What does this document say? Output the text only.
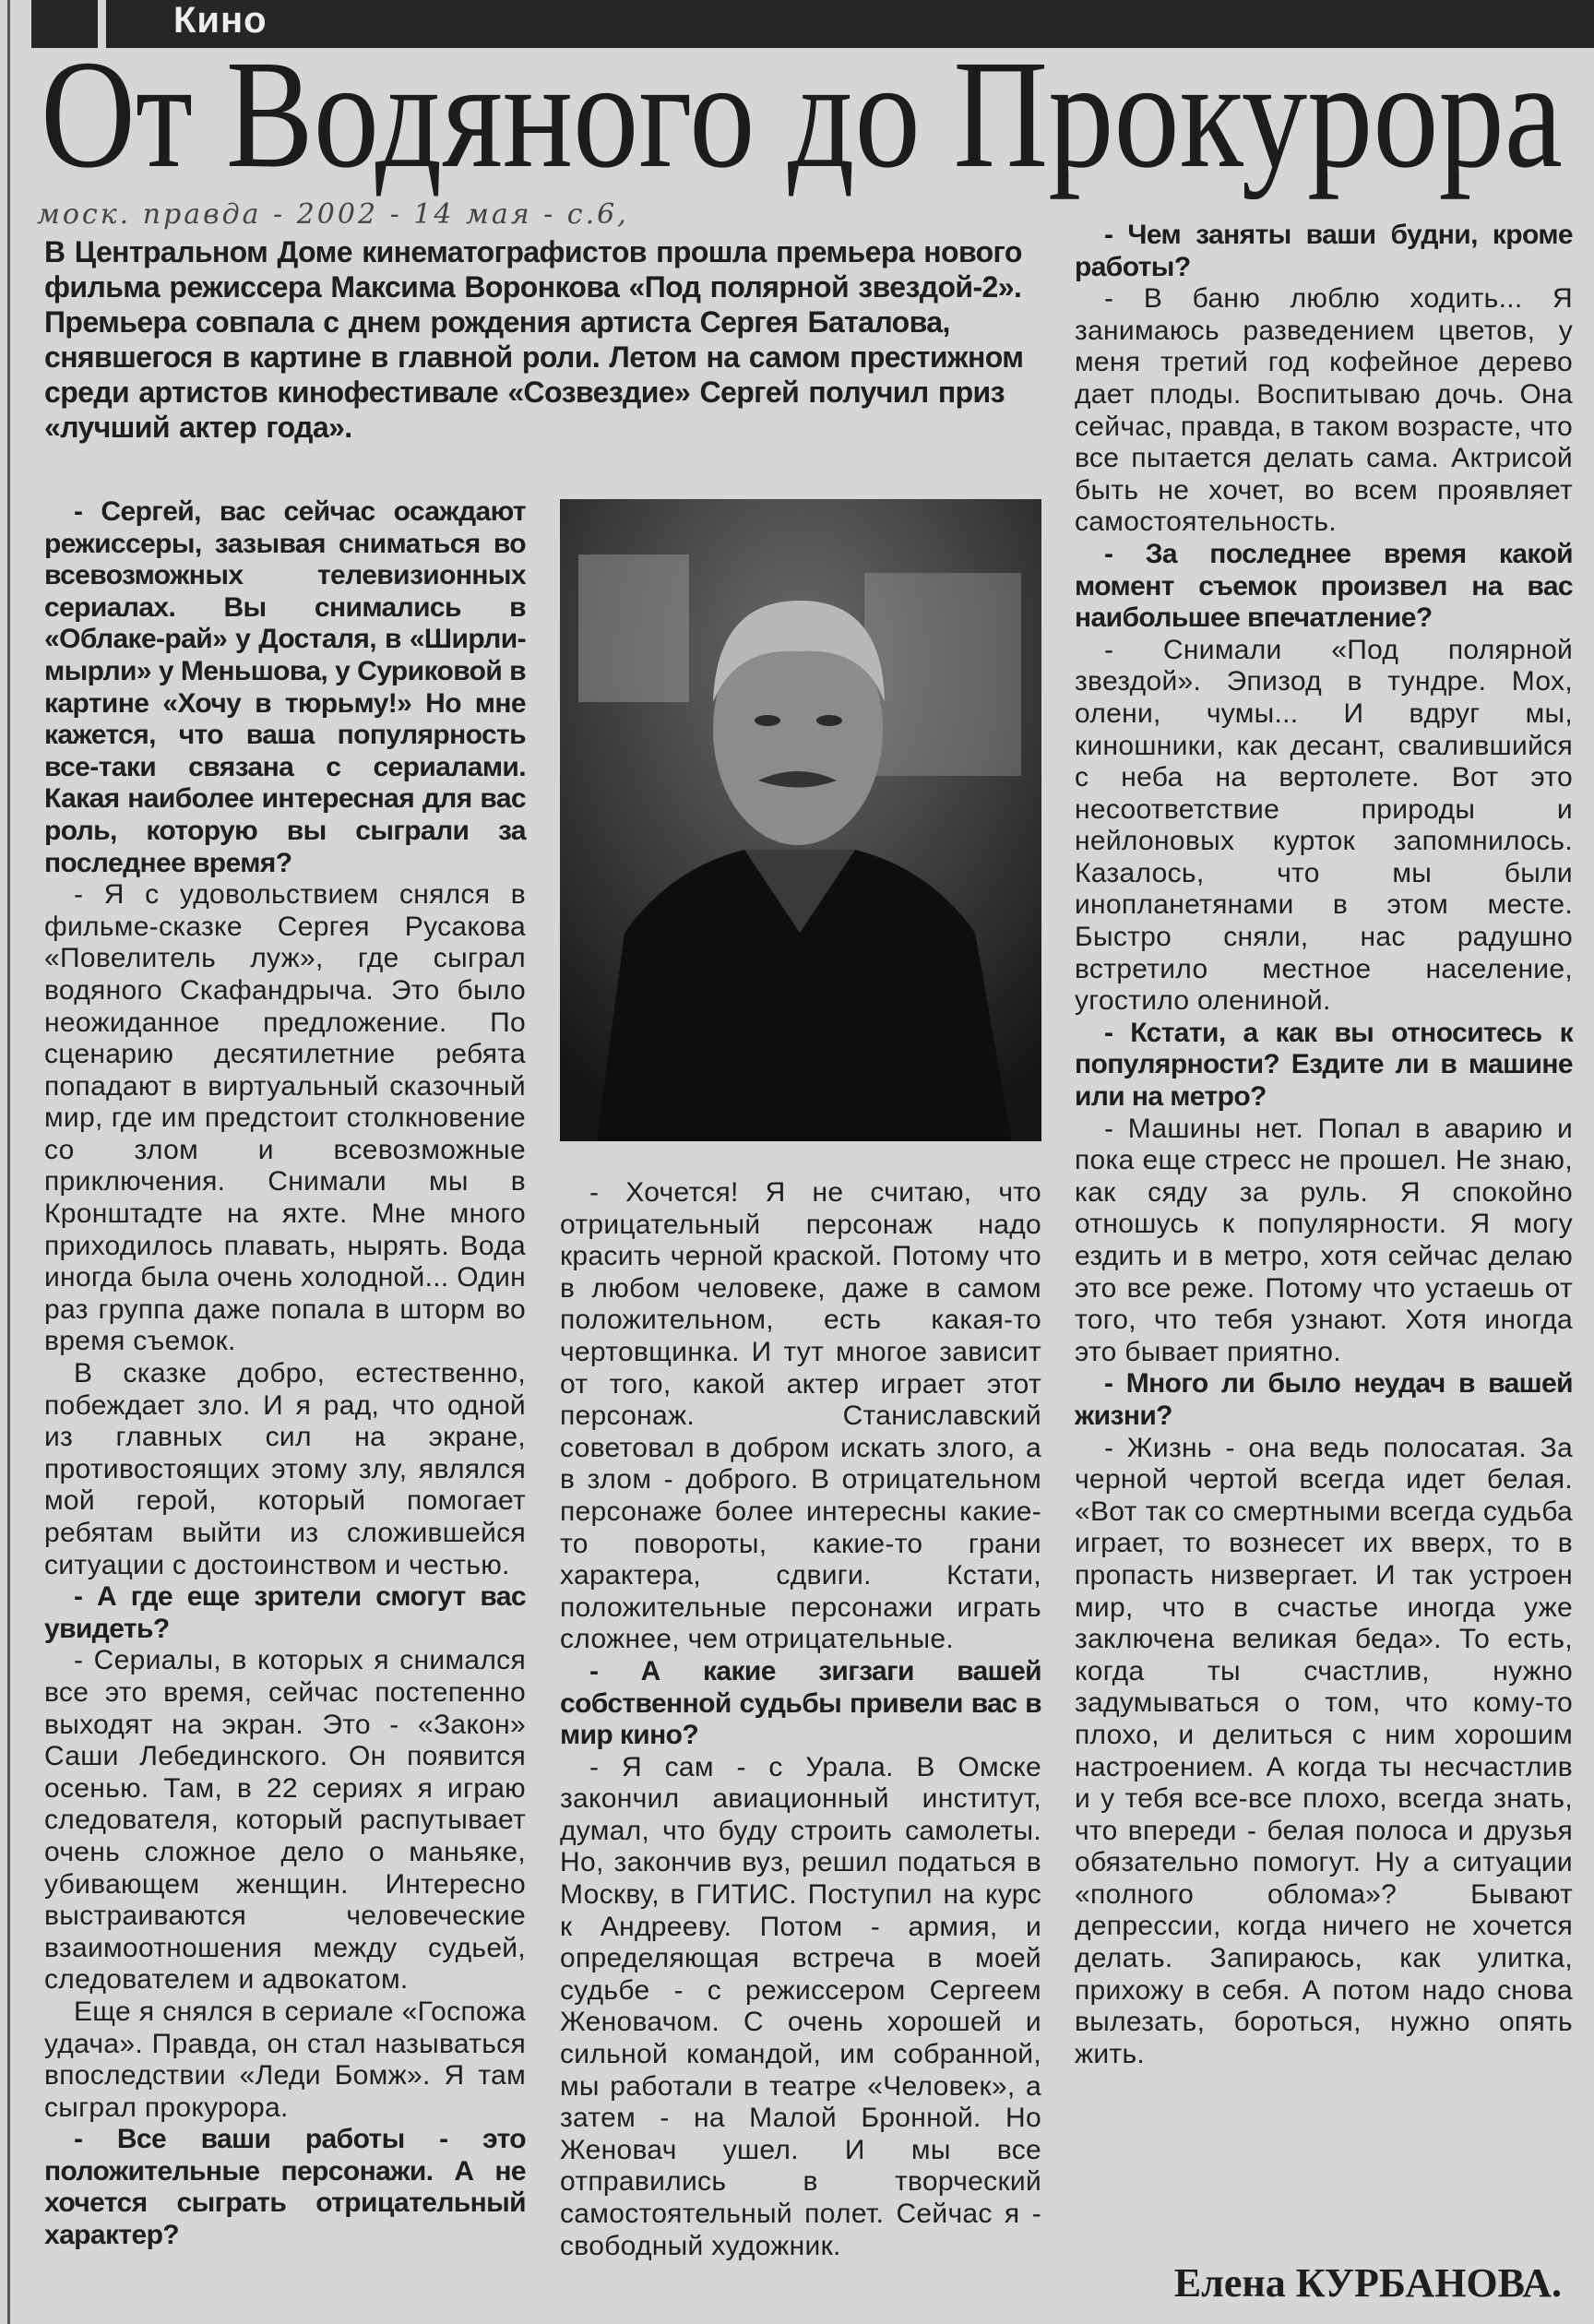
Кино
От Водяного до Прокурора
моск. правда - 2002 - 14 мая - с.6,
В Центральном Доме кинематографистов прошла премьера нового фильма режиссера Максима Воронкова «Под полярной звездой-2». Премьера совпала с днем рождения артиста Сергея Баталова, снявшегося в картине в главной роли. Летом на самом престижном среди артистов кинофестивале «Созвездие» Сергей получил приз «лучший актер года».

- Сергей, вас сейчас осаждают режиссеры, зазывая сниматься во всевозможных телевизионных сериалах. Вы снимались в «Облаке-рай» у Досталя, в «Ширли-мырли» у Меньшова, у Суриковой в картине «Хочу в тюрьму!» Но мне кажется, что ваша популярность все-таки связана с сериалами. Какая наиболее интересная для вас роль, которую вы сыграли за последнее время?

- Я с удовольствием снялся в фильме-сказке Сергея Русакова «Повелитель луж», где сыграл водяного Скафандрыча. Это было неожиданное предложение. По сценарию десятилетние ребята попадают в виртуальный сказочный мир, где им предстоит столкновение со злом и всевозможные приключения. Снимали мы в Кронштадте на яхте. Мне много приходилось плавать, нырять. Вода иногда была очень холодной... Один раз группа даже попала в шторм во время съемок.

В сказке добро, естественно, побеждает зло. И я рад, что одной из главных сил на экране, противостоящих этому злу, являлся мой герой, который помогает ребятам выйти из сложившейся ситуации с достоинством и честью.

- А где еще зрители смогут вас увидеть?

- Сериалы, в которых я снимался все это время, сейчас постепенно выходят на экран. Это - «Закон» Саши Лебединского. Он появится осенью. Там, в 22 сериях я играю следователя, который распутывает очень сложное дело о маньяке, убивающем женщин. Интересно выстраиваются человеческие взаимоотношения между судьей, следователем и адвокатом.

Еще я снялся в сериале «Госпожа удача». Правда, он стал называться впоследствии «Леди Бомж». Я там сыграл прокурора.

- Все ваши работы - это положительные персонажи. А не хочется сыграть отрицательный характер?

- Хочется! Я не считаю, что отрицательный персонаж надо красить черной краской. Потому что в любом человеке, даже в самом положительном, есть какая-то чертовщинка. И тут многое зависит от того, какой актер играет этот персонаж. Станиславский советовал в добром искать злого, а в злом - доброго. В отрицательном персонаже более интересны какие-то повороты, какие-то грани характера, сдвиги. Кстати, положительные персонажи играть сложнее, чем отрицательные.

- А какие зигзаги вашей собственной судьбы привели вас в мир кино?

- Я сам - с Урала. В Омске закончил авиационный институт, думал, что буду строить самолеты. Но, закончив вуз, решил податься в Москву, в ГИТИС. Поступил на курс к Андрееву. Потом - армия, и определяющая встреча в моей судьбе - с режиссером Сергеем Женовачом. С очень хорошей и сильной командой, им собранной, мы работали в театре «Человек», а затем - на Малой Бронной. Но Женовач ушел. И мы все отправились в творческий самостоятельный полет. Сейчас я - свободный художник.

- Чем заняты ваши будни, кроме работы?

- В баню люблю ходить... Я занимаюсь разведением цветов, у меня третий год кофейное дерево дает плоды. Воспитываю дочь. Она сейчас, правда, в таком возрасте, что все пытается делать сама. Актрисой быть не хочет, во всем проявляет самостоятельность.

- За последнее время какой момент съемок произвел на вас наибольшее впечатление?

- Снимали «Под полярной звездой». Эпизод в тундре. Мох, олени, чумы... И вдруг мы, киношники, как десант, свалившийся с неба на вертолете. Вот это несоответствие природы и нейлоновых курток запомнилось. Казалось, что мы были инопланетянами в этом месте. Быстро сняли, нас радушно встретило местное население, угостило олениной.

- Кстати, а как вы относитесь к популярности? Ездите ли в машине или на метро?

- Машины нет. Попал в аварию и пока еще стресс не прошел. Не знаю, как сяду за руль. Я спокойно отношусь к популярности. Я могу ездить и в метро, хотя сейчас делаю это все реже. Потому что устаешь от того, что тебя узнают. Хотя иногда это бывает приятно.

- Много ли было неудач в вашей жизни?

- Жизнь - она ведь полосатая. За черной чертой всегда идет белая. «Вот так со смертными всегда судьба играет, то вознесет их вверх, то в пропасть низвергает. И так устроен мир, что в счастье иногда уже заключена великая беда». То есть, когда ты счастлив, нужно задумываться о том, что кому-то плохо, и делиться с ним хорошим настроением. А когда ты несчастлив и у тебя все-все плохо, всегда знать, что впереди - белая полоса и друзья обязательно помогут. Ну а ситуации «полного облома»? Бывают депрессии, когда ничего не хочется делать. Запираюсь, как улитка, прихожу в себя. А потом надо снова вылезать, бороться, нужно опять жить.

Елена КУРБАНОВА.
